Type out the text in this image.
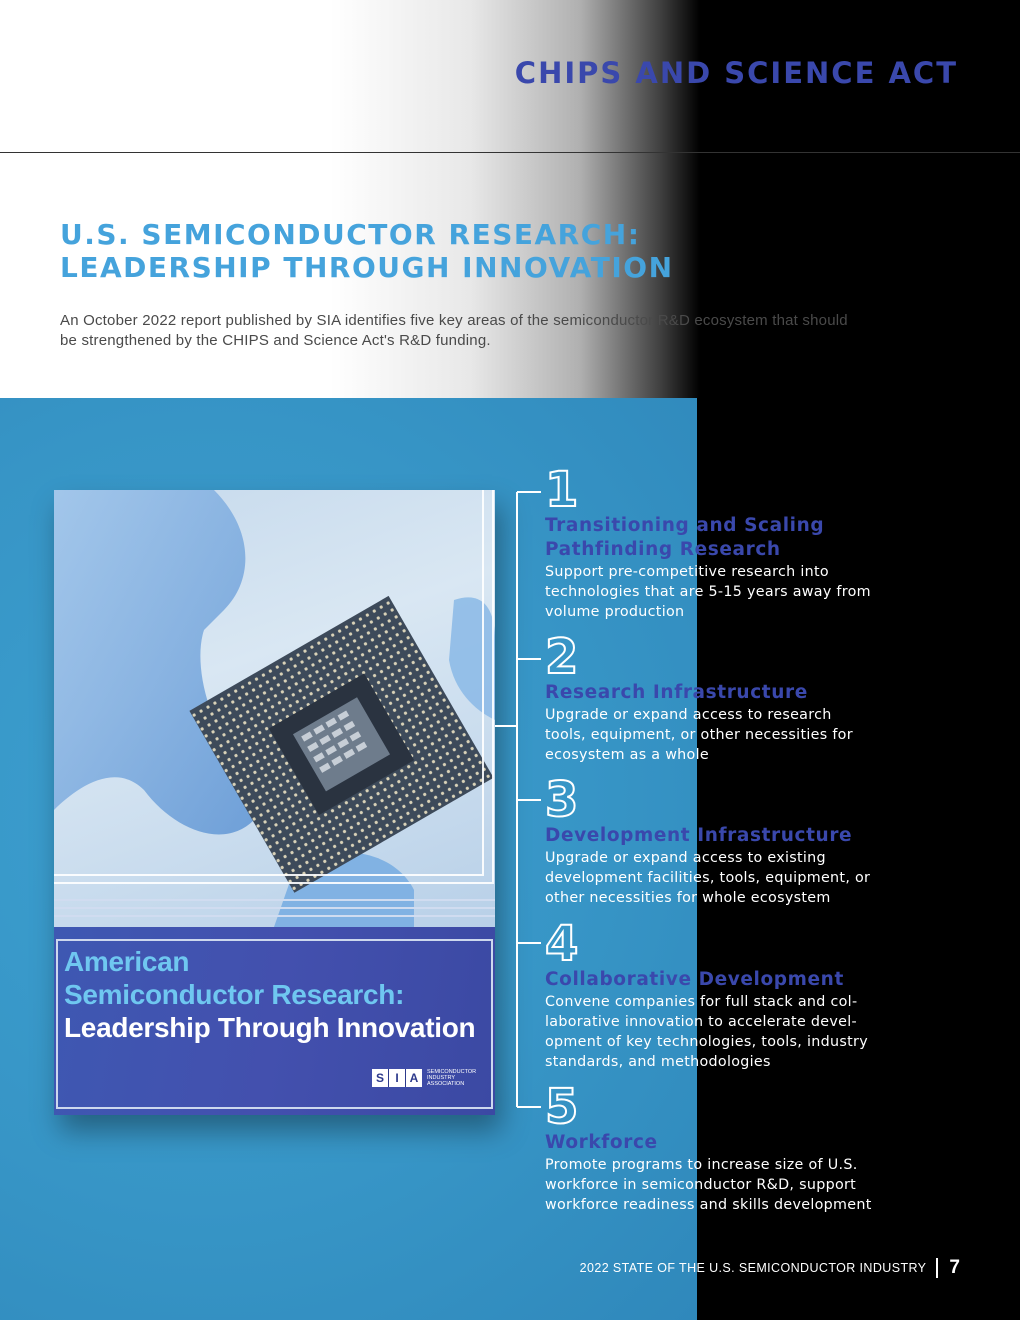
CHIPS AND SCIENCE ACT
U.S. SEMICONDUCTOR RESEARCH:
LEADERSHIP THROUGH INNOVATION

An October 2022 report published by SIA identifies five key areas of the semiconductor R&D ecosystem that should be strengthened by the CHIPS and Science Act's R&D funding.

American
Semiconductor Research:
Leadership Through Innovation
S I A	SEMICONDUCTOR
INDUSTRY
ASSOCIATION
1
Transitioning and Scaling
Pathfinding Research

Support pre-competitive research into
technologies that are 5-15 years away from
volume production

2
Research Infrastructure

Upgrade or expand access to research
tools, equipment, or other necessities for
ecosystem as a whole

3
Development Infrastructure

Upgrade or expand access to existing
development facilities, tools, equipment, or
other necessities for whole ecosystem

4
Collaborative Development

Convene companies for full stack and col-
laborative innovation to accelerate devel-
opment of key technologies, tools, industry
standards, and methodologies

5
Workforce

Promote programs to increase size of U.S.
workforce in semiconductor R&D, support
workforce readiness and skills development

2022 STATE OF THE U.S. SEMICONDUCTOR INDUSTRY 7
